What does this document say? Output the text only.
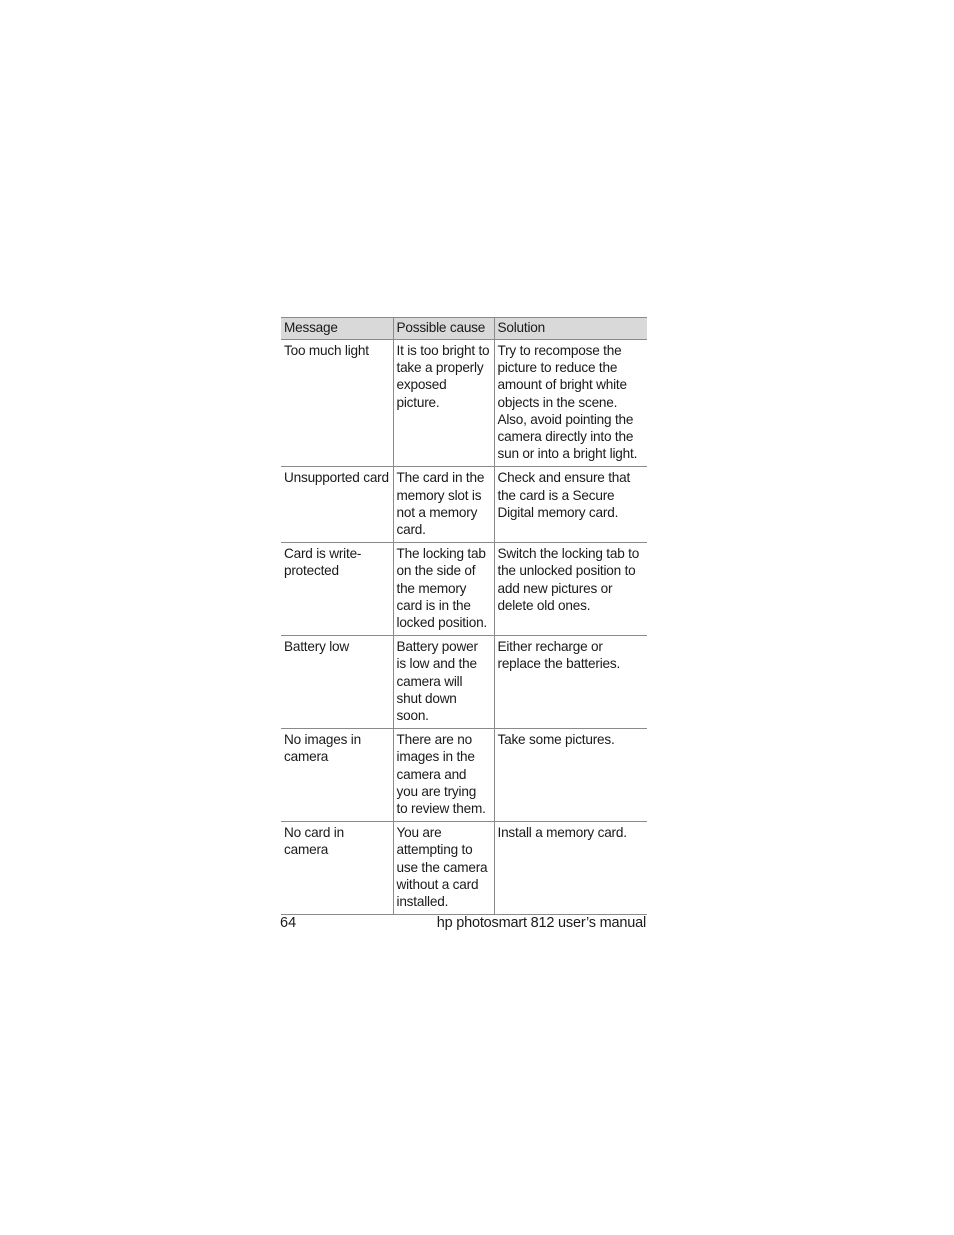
Message	Possible cause	Solution
Too much light	It is too bright to take a properly exposed picture.	Try to recompose the picture to reduce the amount of bright white objects in the scene. Also, avoid pointing the camera directly into the sun or into a bright light.
Unsupported card	The card in the memory slot is not a memory card.	Check and ensure that the card is a Secure Digital memory card.
Card is write-protected	The locking tab on the side of the memory card is in the locked position.	Switch the locking tab to the unlocked position to add new pictures or delete old ones.
Battery low	Battery power is low and the camera will shut down soon.	Either recharge or replace the batteries.
No images in camera	There are no images in the camera and you are trying to review them.	Take some pictures.
No card in camera	You are attempting to use the camera without a card installed.	Install a memory card.
64	hp photosmart 812 user’s manual
